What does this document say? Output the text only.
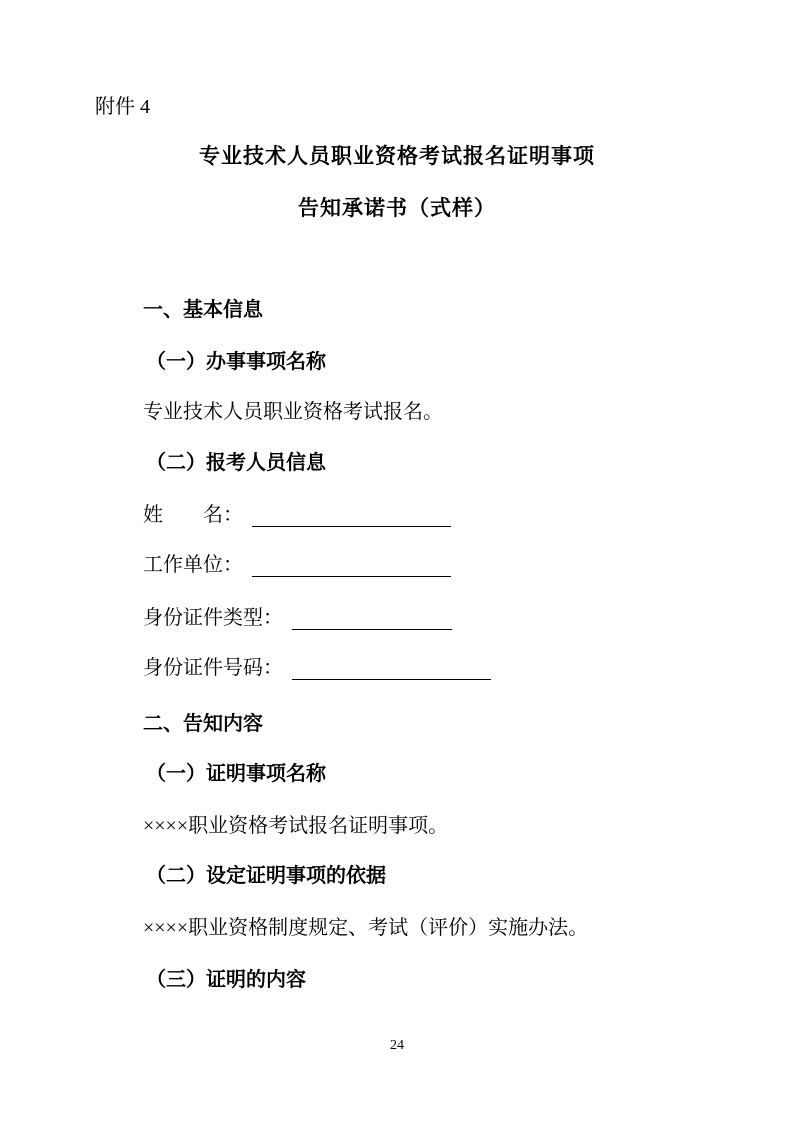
附件 4
专业技术人员职业资格考试报名证明事项
告知承诺书（式样）
一、基本信息
（一）办事事项名称
专业技术人员职业资格考试报名。
（二）报考人员信息
姓　　名：
工作单位：
身份证件类型：
身份证件号码：
二、告知内容
（一）证明事项名称
××××职业资格考试报名证明事项。
（二）设定证明事项的依据
××××职业资格制度规定、考试（评价）实施办法。
（三）证明的内容
24
